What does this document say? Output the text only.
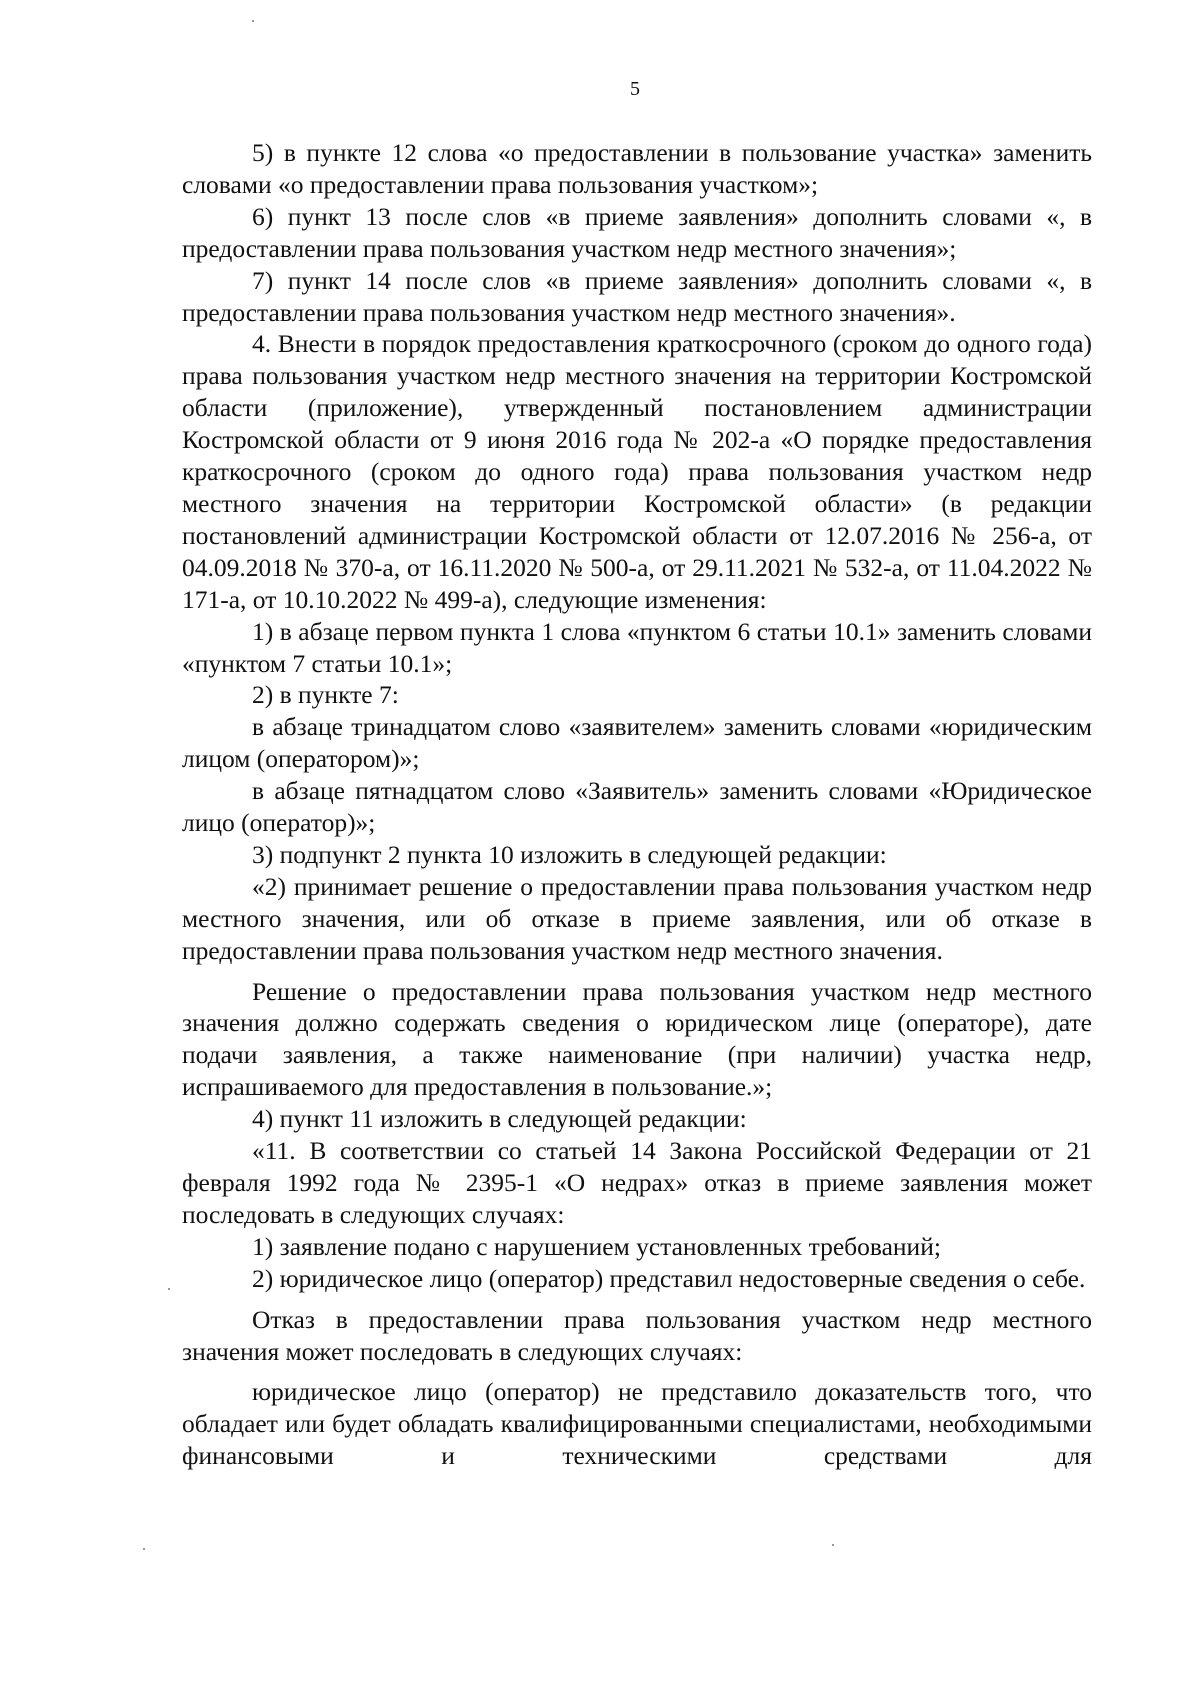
5

5) в пункте 12 слова «о предоставлении в пользование участка» заменить словами «о предоставлении права пользования участком»;

6) пункт 13 после слов «в приеме заявления» дополнить словами «, в предоставлении права пользования участком недр местного значения»;

7) пункт 14 после слов «в приеме заявления» дополнить словами «, в предоставлении права пользования участком недр местного значения».

4. Внести в порядок предоставления краткосрочного (сроком до одного года) права пользования участком недр местного значения на территории Костромской области (приложение), утвержденный постановлением администрации Костромской области от 9 июня 2016 года № 202-а «О порядке предоставления краткосрочного (сроком до одного года) права пользования участком недр местного значения на территории Костромской области» (в редакции постановлений администрации Костромской области от 12.07.2016 № 256-а, от 04.09.2018 № 370-а, от 16.11.2020 № 500-а, от 29.11.2021 № 532-а, от 11.04.2022 № 171-а, от 10.10.2022 № 499-а), следующие изменения:

1) в абзаце первом пункта 1 слова «пунктом 6 статьи 10.1» заменить словами «пунктом 7 статьи 10.1»;

2) в пункте 7:

в абзаце тринадцатом слово «заявителем» заменить словами «юридическим лицом (оператором)»;

в абзаце пятнадцатом слово «Заявитель» заменить словами «Юридическое лицо (оператор)»;

3) подпункт 2 пункта 10 изложить в следующей редакции:

«2) принимает решение о предоставлении права пользования участком недр местного значения, или об отказе в приеме заявления, или об отказе в предоставлении права пользования участком недр местного значения.

Решение о предоставлении права пользования участком недр местного значения должно содержать сведения о юридическом лице (операторе), дате подачи заявления, а также наименование (при наличии) участка недр, испрашиваемого для предоставления в пользование.»;

4) пункт 11 изложить в следующей редакции:

«11. В соответствии со статьей 14 Закона Российской Федерации от 21 февраля 1992 года № 2395-1 «О недрах» отказ в приеме заявления может последовать в следующих случаях:

1) заявление подано с нарушением установленных требований;

2) юридическое лицо (оператор) представил недостоверные сведения о себе.

Отказ в предоставлении права пользования участком недр местного значения может последовать в следующих случаях:

юридическое лицо (оператор) не представило доказательств того, что обладает или будет обладать квалифицированными специалистами, необходимыми финансовыми и техническими средствами для
